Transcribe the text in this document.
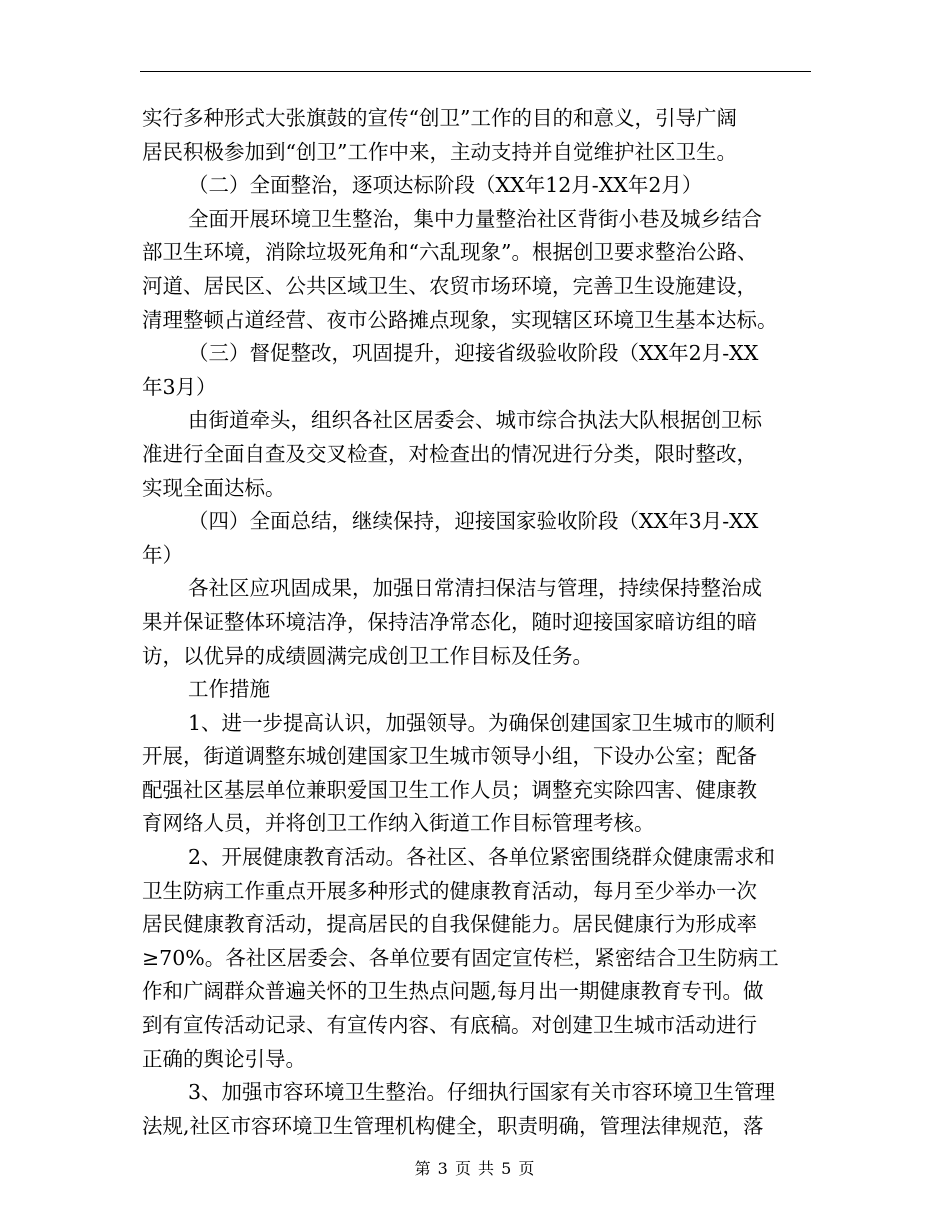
实行多种形式大张旗鼓的宣传“创卫”工作的目的和意义，引导广阔
居民积极参加到“创卫”工作中来，主动支持并自觉维护社区卫生。
（二）全面整治，逐项达标阶段（XX年12月-XX年2月）
全面开展环境卫生整治，集中力量整治社区背街小巷及城乡结合
部卫生环境，消除垃圾死角和“六乱现象”。根据创卫要求整治公路、
河道、居民区、公共区域卫生、农贸市场环境，完善卫生设施建设，
清理整顿占道经营、夜市公路摊点现象，实现辖区环境卫生基本达标。
（三）督促整改，巩固提升，迎接省级验收阶段（XX年2月-XX
年3月）
由街道牵头，组织各社区居委会、城市综合执法大队根据创卫标
准进行全面自查及交叉检查，对检查出的情况进行分类，限时整改，
实现全面达标。
（四）全面总结，继续保持，迎接国家验收阶段（XX年3月-XX
年）
各社区应巩固成果，加强日常清扫保洁与管理，持续保持整治成
果并保证整体环境洁净，保持洁净常态化，随时迎接国家暗访组的暗
访，以优异的成绩圆满完成创卫工作目标及任务。
工作措施
1、进一步提高认识，加强领导。为确保创建国家卫生城市的顺利
开展，街道调整东城创建国家卫生城市领导小组，下设办公室；配备
配强社区基层单位兼职爱国卫生工作人员；调整充实除四害、健康教
育网络人员，并将创卫工作纳入街道工作目标管理考核。
2、开展健康教育活动。各社区、各单位紧密围绕群众健康需求和
卫生防病工作重点开展多种形式的健康教育活动，每月至少举办一次
居民健康教育活动，提高居民的自我保健能力。居民健康行为形成率
≥70%。各社区居委会、各单位要有固定宣传栏，紧密结合卫生防病工
作和广阔群众普遍关怀的卫生热点问题,每月出一期健康教育专刊。做
到有宣传活动记录、有宣传内容、有底稿。对创建卫生城市活动进行
正确的舆论引导。
3、加强市容环境卫生整治。仔细执行国家有关市容环境卫生管理
法规,社区市容环境卫生管理机构健全，职责明确，管理法律规范，落
第 3 页 共 5 页
